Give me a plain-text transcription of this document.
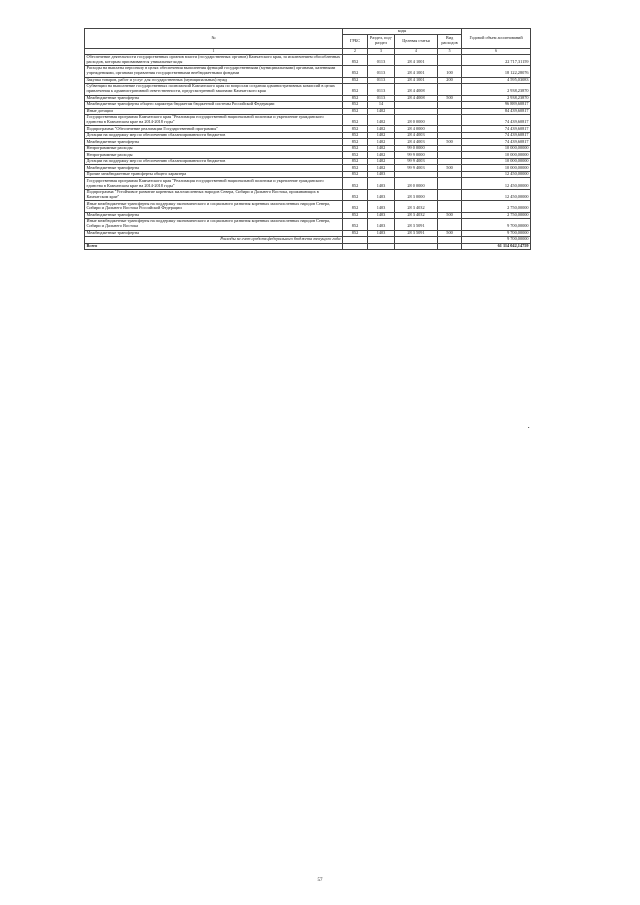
№	коды				Годовой объем ассигнований
	ГРБС	Раздел, под-раздел	Целевая статья	Вид расходов	
1	2	3	4	5	6
Обеспечение деятельности государственных органов власти (государственных органов) Камчатского края, за исключением обособленных расходов, которым присваиваются уникальные коды	852	0113	28 4 1001		22 717,31159
Расходы на выплаты персоналу в целях обеспечения выполнения функций государственными (муниципальными) органами, казенными учреждениями, органами управления государственными внебюджетными фондами	852	0113	28 4 1001	100	18 122,28076
Закупка товаров, работ и услуг для государственных (муниципальных) нужд	852	0113	28 4 1001	200	4 595,03083
Субвенции на выполнение государственных полномочий Камчатского края по вопросам создания административных комиссий в целях привлечения к административной ответственности, предусмотренной законами Камчатского края	852	0113	28 4 4008		2 938,23870
Межбюджетные трансферты	852	0113	28 4 4008	500	2 938,23870
Межбюджетные трансферты общего характера бюджетам бюджетной системы Российской Федерации	852	14			96 889,60817
Иные дотации	852	1402			84 439,60817
Государственная программа Камчатского края "Реализация государственной национальной политики и укрепление гражданского единства в Камчатском крае на 2014-2018 годы"	852	1402	28 0 0000		74 439,60817
Подпрограмма "Обеспечение реализации Государственной программы"	852	1402	28 4 0000		74 439,60817
Дотации на поддержку мер по обеспечению сбалансированности бюджетов	852	1402	28 4 4003		74 439,60817
Межбюджетные трансферты	852	1402	28 4 4003	500	74 439,60817
Непрограммные расходы	852	1402	99 0 0000		10 000,00000
Непрограммные расходы	852	1402	99 9 0000		10 000,00000
Дотации на поддержку мер по обеспечению сбалансированности бюджетов	852	1402	99 9 4003		10 000,00000
Межбюджетные трансферты	852	1402	99 9 4003	500	10 000,00000
Прочие межбюджетные трансферты общего характера	852	1403			12 450,00000
Государственная программа Камчатского края "Реализация государственной национальной политики и укрепление гражданского единства в Камчатском крае на 2014-2018 годы"	852	1403	28 0 0000		12 450,00000
Подпрограмма "Устойчивое развитие коренных малочисленных народов Севера, Сибири и Дальнего Востока, проживающих в Камчатском крае"	852	1403	28 3 0000		12 450,00000
Иные межбюджетные трансферты на поддержку экономического и социального развития коренных малочисленных народов Севера, Сибири и Дальнего Востока Российской Федерации	852	1403	28 3 4032		2 750,00000
Межбюджетные трансферты	852	1403	28 3 4032	500	2 750,00000
Иные межбюджетные трансферты на поддержку экономического и социального развития коренных малочисленных народов Севера, Сибири и Дальнего Востока	852	1403	28 3 5091		9 700,00000
Межбюджетные трансферты	852	1403	28 3 5091	500	9 700,00000
Расходы за счет средств федерального бюджета текущего года					9 700,00000
Всего					61 114 042,14759
•
57
